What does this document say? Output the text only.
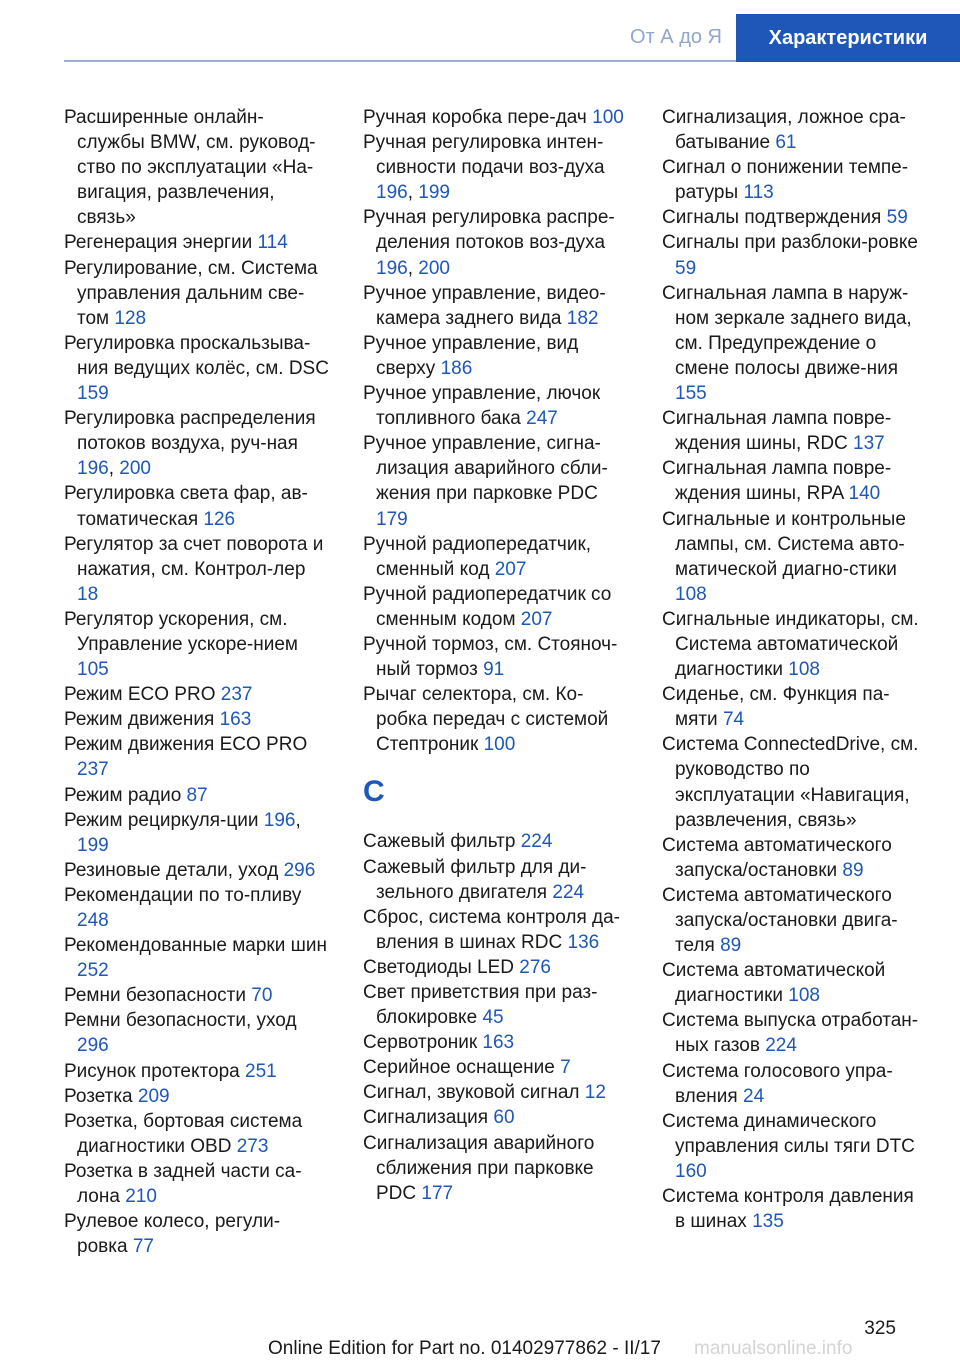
От А до Я	Характеристики
Расширенные онлайн‐службы BMW, см. руковод‐ство по эксплуатации «На‐вигация, развлечения, связь»
Регенерация энергии 114
Регулирование, см. Система управления дальним све‐том 128
Регулировка проскальзыва‐ния ведущих колёс, см. DSC 159
Регулировка распределения потоков воздуха, руч‐ная 196, 200
Регулировка света фар, ав‐томатическая 126
Регулятор за счет поворота и нажатия, см. Контрол‐лер 18
Регулятор ускорения, см. Управление ускоре‐нием 105
Режим ECO PRO 237
Режим движения 163
Режим движения ECO PRO 237
Режим радио 87
Режим рециркуля‐ции 196, 199
Резиновые детали, уход 296
Рекомендации по то‐пливу 248
Рекомендованные марки шин 252
Ремни безопасности 70
Ремни безопасности, уход 296
Рисунок протектора 251
Розетка 209
Розетка, бортовая система диагностики OBD 273
Розетка в задней части са‐лона 210
Рулевое колесо, регули‐ровка 77
Ручная коробка пере‐дач 100
Ручная регулировка интен‐сивности подачи воз‐духа 196, 199
Ручная регулировка распре‐деления потоков воз‐духа 196, 200
Ручное управление, видео‐камера заднего вида 182
Ручное управление, вид сверху 186
Ручное управление, лючок топливного бака 247
Ручное управление, сигна‐лизация аварийного сбли‐жения при парковке PDC 179
Ручной радиопередатчик, сменный код 207
Ручной радиопередатчик со сменным кодом 207
Ручной тормоз, см. Стояноч‐ный тормоз 91
Рычаг селектора, см. Ко‐робка передач с системой Стептроник 100
С
Сажевый фильтр 224
Сажевый фильтр для ди‐зельного двигателя 224
Сброс, система контроля да‐вления в шинах RDC 136
Светодиоды LED 276
Свет приветствия при раз‐блокировке 45
Сервотроник 163
Серийное оснащение 7
Сигнал, звуковой сигнал 12
Сигнализация 60
Сигнализация аварийного сближения при парковке PDC 177
Сигнализация, ложное сра‐батывание 61
Сигнал о понижении темпе‐ратуры 113
Сигналы подтверждения 59
Сигналы при разблоки‐ровке 59
Сигнальная лампа в наруж‐ном зеркале заднего вида, см. Предупреждение о смене полосы движе‐ния 155
Сигнальная лампа повре‐ждения шины, RDC 137
Сигнальная лампа повре‐ждения шины, RPA 140
Сигнальные и контрольные лампы, см. Система авто‐матической диагно‐стики 108
Сигнальные индикаторы, см. Система автоматической диагностики 108
Сиденье, см. Функция па‐мяти 74
Система ConnectedDrive, см. руководство по эксплуатации «Навигация, развлечения, связь»
Система автоматического запуска/остановки 89
Система автоматического запуска/остановки двига‐теля 89
Система автоматической диагностики 108
Система выпуска отработан‐ных газов 224
Система голосового упра‐вления 24
Система динамического управления силы тяги DTC 160
Система контроля давления в шинах 135
325
Online Edition for Part no. 01402977862 - II/17 manualsonline.info
